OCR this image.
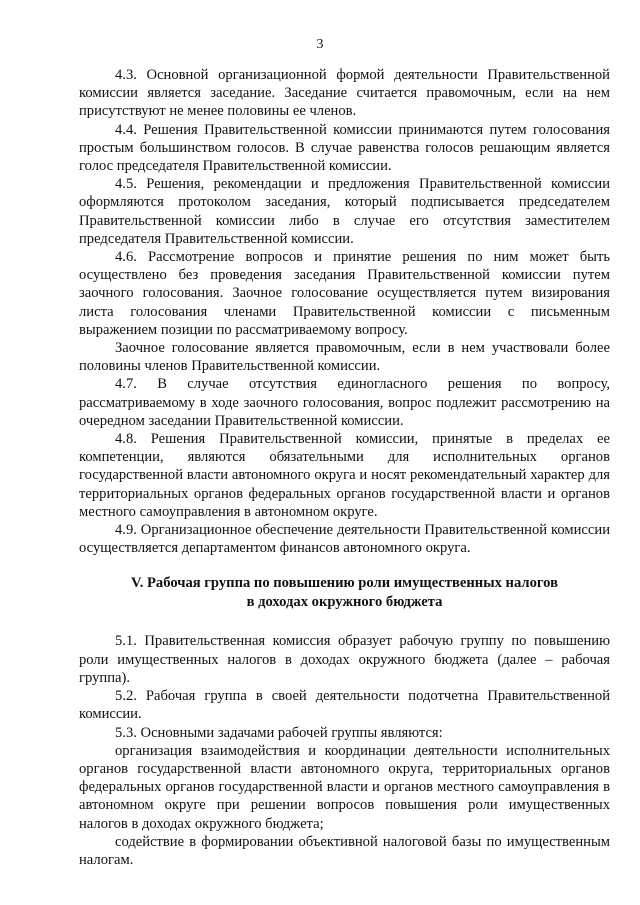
3

4.3. Основной организационной формой деятельности Правительственной комиссии является заседание. Заседание считается правомочным, если на нем присутствуют не менее половины ее членов.

4.4. Решения Правительственной комиссии принимаются путем голосования простым большинством голосов. В случае равенства голосов решающим является голос председателя Правительственной комиссии.

4.5. Решения, рекомендации и предложения Правительственной комиссии оформляются протоколом заседания, который подписывается председателем Правительственной комиссии либо в случае его отсутствия заместителем председателя Правительственной комиссии.

4.6. Рассмотрение вопросов и принятие решения по ним может быть осуществлено без проведения заседания Правительственной комиссии путем заочного голосования. Заочное голосование осуществляется путем визирования листа голосования членами Правительственной комиссии с письменным выражением позиции по рассматриваемому вопросу.

Заочное голосование является правомочным, если в нем участвовали более половины членов Правительственной комиссии.

4.7. В случае отсутствия единогласного решения по вопросу, рассматриваемому в ходе заочного голосования, вопрос подлежит рассмотрению на очередном заседании Правительственной комиссии.

4.8. Решения Правительственной комиссии, принятые в пределах ее компетенции, являются обязательными для исполнительных органов государственной власти автономного округа и носят рекомендательный характер для территориальных органов федеральных органов государственной власти и органов местного самоуправления в автономном округе.

4.9. Организационное обеспечение деятельности Правительственной комиссии осуществляется департаментом финансов автономного округа.

V. Рабочая группа по повышению роли имущественных налогов
в доходах окружного бюджета

5.1. Правительственная комиссия образует рабочую группу по повышению роли имущественных налогов в доходах окружного бюджета (далее – рабочая группа).

5.2. Рабочая группа в своей деятельности подотчетна Правительственной комиссии.

5.3. Основными задачами рабочей группы являются:

организация взаимодействия и координации деятельности исполнительных органов государственной власти автономного округа, территориальных органов федеральных органов государственной власти и органов местного самоуправления в автономном округе при решении вопросов повышения роли имущественных налогов в доходах окружного бюджета;

содействие в формировании объективной налоговой базы по имущественным налогам.
